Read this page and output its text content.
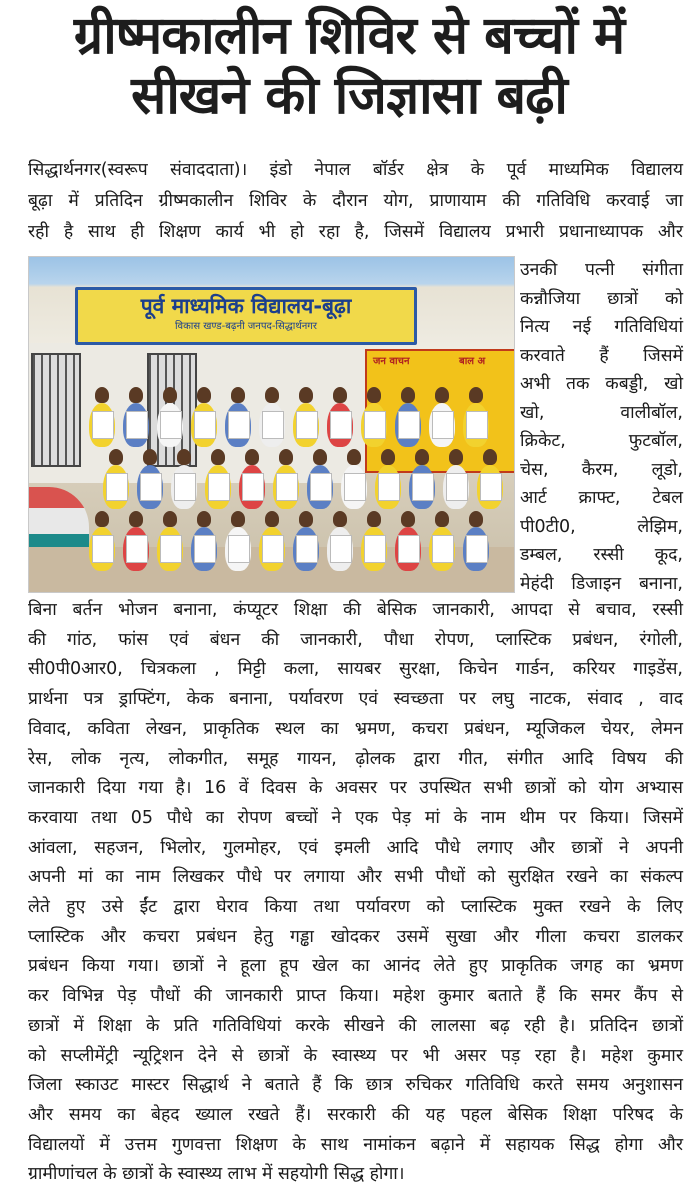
ग्रीष्मकालीन शिविर से बच्चों में
सीखने की जिज्ञासा बढ़ी
सिद्धार्थनगर(स्वरूप संवाददाता)। इंडो नेपाल बॉर्डर क्षेत्र के पूर्व माध्यमिक विद्यालय
बूढ़ा में प्रतिदिन ग्रीष्मकालीन शिविर के दौरान योग, प्राणायाम की गतिविधि करवाई जा
रही है साथ ही शिक्षण कार्य भी हो रहा है, जिसमें विद्यालय प्रभारी प्रधानाध्यापक और
पूर्व माध्यमिक विद्यालय-बूढ़ा
विकास खण्ड-बढ़नी जनपद-सिद्धार्थनगर
जन वाचन	बाल अ
उनकी पत्नी संगीता
कन्नौजिया छात्रों को
नित्य नई गतिविधियां
करवाते हैं जिसमें
अभी तक कबड्डी, खो
खो, वालीबॉल,
क्रिकेट, फुटबॉल,
चेस, कैरम, लूडो,
आर्ट क्राफ्ट, टेबल
पी0टी0, लेझिम,
डम्बल, रस्सी कूद,
मेहंदी डिजाइन बनाना,
बिना बर्तन भोजन बनाना, कंप्यूटर शिक्षा की बेसिक जानकारी, आपदा से बचाव, रस्सी
की गांठ, फांस एवं बंधन की जानकारी, पौधा रोपण, प्लास्टिक प्रबंधन, रंगोली,
सी0पी0आर0, चित्रकला , मिट्टी कला, सायबर सुरक्षा, किचेन गार्डन, करियर गाइडेंस,
प्रार्थना पत्र ड्राफ्टिंग, केक बनाना, पर्यावरण एवं स्वच्छता पर लघु नाटक, संवाद , वाद
विवाद, कविता लेखन, प्राकृतिक स्थल का भ्रमण, कचरा प्रबंधन, म्यूजिकल चेयर, लेमन
रेस, लोक नृत्य, लोकगीत, समूह गायन, ढ़ोलक द्वारा गीत, संगीत आदि विषय की
जानकारी दिया गया है। 16 वें दिवस के अवसर पर उपस्थित सभी छात्रों को योग अभ्यास
करवाया तथा 05 पौधे का रोपण बच्चों ने एक पेड़ मां के नाम थीम पर किया। जिसमें
आंवला, सहजन, भिलोर, गुलमोहर, एवं इमली आदि पौधे लगाए और छात्रों ने अपनी
अपनी मां का नाम लिखकर पौधे पर लगाया और सभी पौधों को सुरक्षित रखने का संकल्प
लेते हुए उसे ईंट द्वारा घेराव किया तथा पर्यावरण को प्लास्टिक मुक्त रखने के लिए
प्लास्टिक और कचरा प्रबंधन हेतु गड्ढा खोदकर उसमें सुखा और गीला कचरा डालकर
प्रबंधन किया गया। छात्रों ने हूला हूप खेल का आनंद लेते हुए प्राकृतिक जगह का भ्रमण
कर विभिन्न पेड़ पौधों की जानकारी प्राप्त किया। महेश कुमार बताते हैं कि समर कैंप से
छात्रों में शिक्षा के प्रति गतिविधियां करके सीखने की लालसा बढ़ रही है। प्रतिदिन छात्रों
को सप्लीमेंट्री न्यूट्रिशन देने से छात्रों के स्वास्थ्य पर भी असर पड़ रहा है। महेश कुमार
जिला स्काउट मास्टर सिद्धार्थ ने बताते हैं कि छात्र रुचिकर गतिविधि करते समय अनुशासन
और समय का बेहद ख्याल रखते हैं। सरकारी की यह पहल बेसिक शिक्षा परिषद के
विद्यालयों में उत्तम गुणवत्ता शिक्षण के साथ नामांकन बढ़ाने में सहायक सिद्ध होगा और
ग्रामीणांचल के छात्रों के स्वास्थ्य लाभ में सहयोगी सिद्ध होगा।
